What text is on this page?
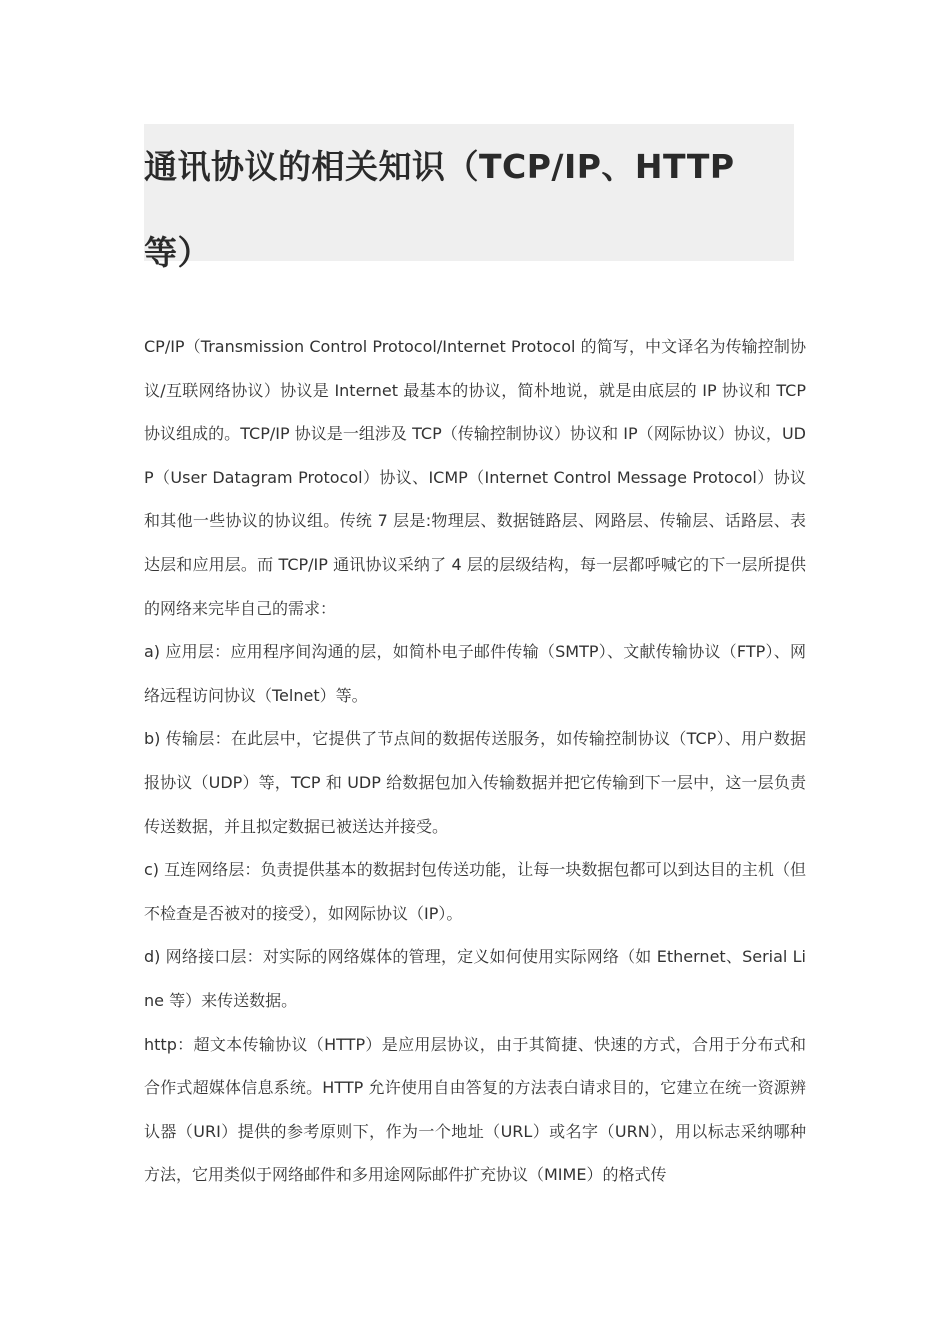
通讯协议的相关知识（TCP/IP、HTTP 等）

CP/IP（Transmission Control Protocol/Internet Protocol 的简写，中文译名为传输控制协议/互联网络协议）协议是 Internet 最基本的协议，简朴地说，就是由底层的 IP 协议和 TCP 协议组成的。TCP/IP 协议是一组涉及 TCP（传输控制协议）协议和 IP（网际协议）协议，UDP（User Datagram Protocol）协议、ICMP（Internet Control Message Protocol）协议和其他一些协议的协议组。传统 7 层是:物理层、数据链路层、网路层、传输层、话路层、表达层和应用层。而 TCP/IP 通讯协议采纳了 4 层的层级结构，每一层都呼喊它的下一层所提供的网络来完毕自己的需求：

a) 应用层：应用程序间沟通的层，如简朴电子邮件传输（SMTP）、文献传输协议（FTP）、网络远程访问协议（Telnet）等。

b) 传输层：在此层中，它提供了节点间的数据传送服务，如传输控制协议（TCP）、用户数据报协议（UDP）等，TCP 和 UDP 给数据包加入传输数据并把它传输到下一层中，这一层负责传送数据，并且拟定数据已被送达并接受。

c) 互连网络层：负责提供基本的数据封包传送功能，让每一块数据包都可以到达目的主机（但不检查是否被对的接受），如网际协议（IP）。

d) 网络接口层：对实际的网络媒体的管理，定义如何使用实际网络（如 Ethernet、Serial Line 等）来传送数据。

http：超文本传输协议（HTTP）是应用层协议，由于其简捷、快速的方式，合用于分布式和合作式超媒体信息系统。HTTP 允许使用自由答复的方法表白请求目的，它建立在统一资源辨认器（URI）提供的参考原则下，作为一个地址（URL）或名字（URN），用以标志采纳哪种方法，它用类似于网络邮件和多用途网际邮件扩充协议（MIME）的格式传
